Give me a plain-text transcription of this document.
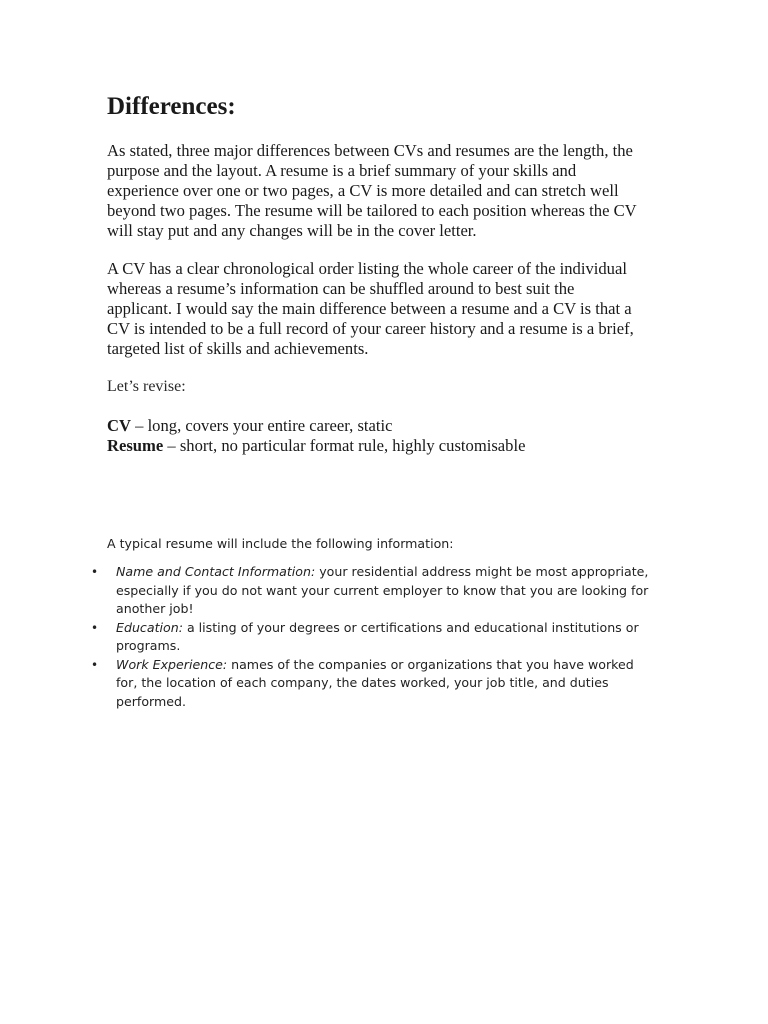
Differences:

As stated, three major differences between CVs and resumes are the length, the
purpose and the layout. A resume is a brief summary of your skills and
experience over one or two pages, a CV is more detailed and can stretch well
beyond two pages. The resume will be tailored to each position whereas the CV
will stay put and any changes will be in the cover letter.

A CV has a clear chronological order listing the whole career of the individual
whereas a resume’s information can be shuffled around to best suit the
applicant. I would say the main difference between a resume and a CV is that a
CV is intended to be a full record of your career history and a resume is a brief,
targeted list of skills and achievements.

Let’s revise:

CV – long, covers your entire career, static
Resume – short, no particular format rule, highly customisable

A typical resume will include the following information:

• Name and Contact Information: your residential address might be most appropriate,
especially if you do not want your current employer to know that you are looking for
another job!
• Education: a listing of your degrees or certifications and educational institutions or
programs.
• Work Experience: names of the companies or organizations that you have worked
for, the location of each company, the dates worked, your job title, and duties
performed.
